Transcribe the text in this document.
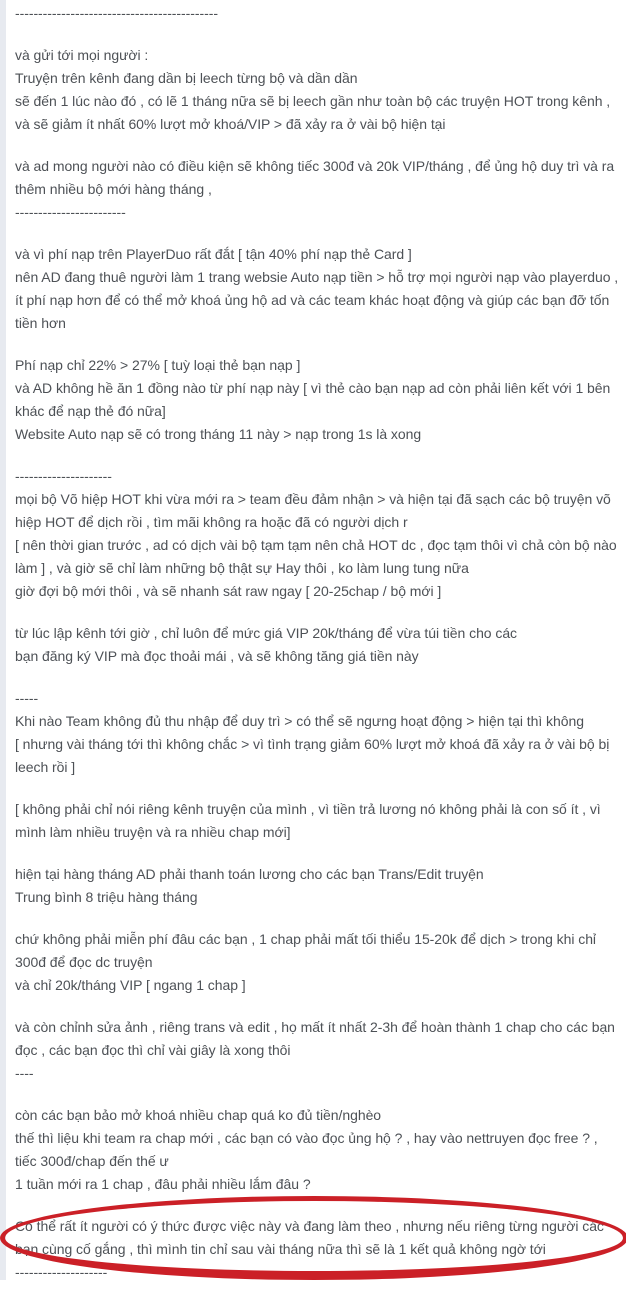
--------------------------------------------
và gửi tới mọi người :
Truyện trên kênh đang dần bị leech từng bộ và dần dần
sẽ đến 1 lúc nào đó , có lẽ 1 tháng nữa sẽ bị leech gần như toàn bộ các truyện HOT trong kênh ,
và sẽ giảm ít nhất 60% lượt mở khoá/VIP > đã xảy ra ở vài bộ hiện tại
và ad mong người nào có điều kiện sẽ không tiếc 300đ và 20k VIP/tháng , để ủng hộ duy trì và ra
thêm nhiều bộ mới hàng tháng ,
------------------------
và vì phí nạp trên PlayerDuo rất đắt [ tận 40% phí nạp thẻ Card ]
nên AD đang thuê người làm 1 trang websie Auto nạp tiền > hỗ trợ mọi người nạp vào playerduo ,
ít phí nạp hơn để có thể mở khoá ủng hộ ad và các team khác hoạt động và giúp các bạn đỡ tốn
tiền hơn
Phí nạp chỉ 22% > 27% [ tuỳ loại thẻ bạn nạp ]
và AD không hề ăn 1 đồng nào từ phí nạp này [ vì thẻ cào bạn nạp ad còn phải liên kết với 1 bên
khác để nạp thẻ đó nữa]
Website Auto nạp sẽ có trong tháng 11 này > nạp trong 1s là xong
---------------------
mọi bộ Võ hiệp HOT khi vừa mới ra > team đều đảm nhận > và hiện tại đã sạch các bộ truyện võ
hiệp HOT để dịch rồi , tìm mãi không ra hoặc đã có người dịch r
[ nên thời gian trước , ad có dịch vài bộ tạm tạm nên chả HOT dc , đọc tạm thôi vì chả còn bộ nào
làm ] , và giờ sẽ chỉ làm những bộ thật sự Hay thôi , ko làm lung tung nữa
giờ đợi bộ mới thôi , và sẽ nhanh sát raw ngay [ 20-25chap / bộ mới ]
từ lúc lập kênh tới giờ , chỉ luôn để mức giá VIP 20k/tháng để vừa túi tiền cho các
bạn đăng ký VIP mà đọc thoải mái , và sẽ không tăng giá tiền này
-----
Khi nào Team không đủ thu nhập để duy trì > có thể sẽ ngưng hoạt động > hiện tại thì không
[ nhưng vài tháng tới thì không chắc > vì tình trạng giảm 60% lượt mở khoá đã xảy ra ở vài bộ bị
leech rồi ]
[ không phải chỉ nói riêng kênh truyện của mình , vì tiền trả lương nó không phải là con số ít , vì
mình làm nhiều truyện và ra nhiều chap mới]
hiện tại hàng tháng AD phải thanh toán lương cho các bạn Trans/Edit truyện
Trung bình 8 triệu hàng tháng
chứ không phải miễn phí đâu các bạn , 1 chap phải mất tối thiểu 15-20k để dịch > trong khi chỉ
300đ để đọc dc truyện
và chỉ 20k/tháng VIP [ ngang 1 chap ]
và còn chỉnh sửa ảnh , riêng trans và edit , họ mất ít nhất 2-3h để hoàn thành 1 chap cho các bạn
đọc , các bạn đọc thì chỉ vài giây là xong thôi
----
còn các bạn bảo mở khoá nhiều chap quá ko đủ tiền/nghèo
thế thì liệu khi team ra chap mới , các bạn có vào đọc ủng hộ ? , hay vào nettruyen đọc free ? ,
tiếc 300đ/chap đến thế ư
1 tuần mới ra 1 chap , đâu phải nhiều lắm đâu ?
Có thể rất ít người có ý thức được việc này và đang làm theo , nhưng nếu riêng từng người các
bạn cùng cố gắng , thì mình tin chỉ sau vài tháng nữa thì sẽ là 1 kết quả không ngờ tới
--------------------
